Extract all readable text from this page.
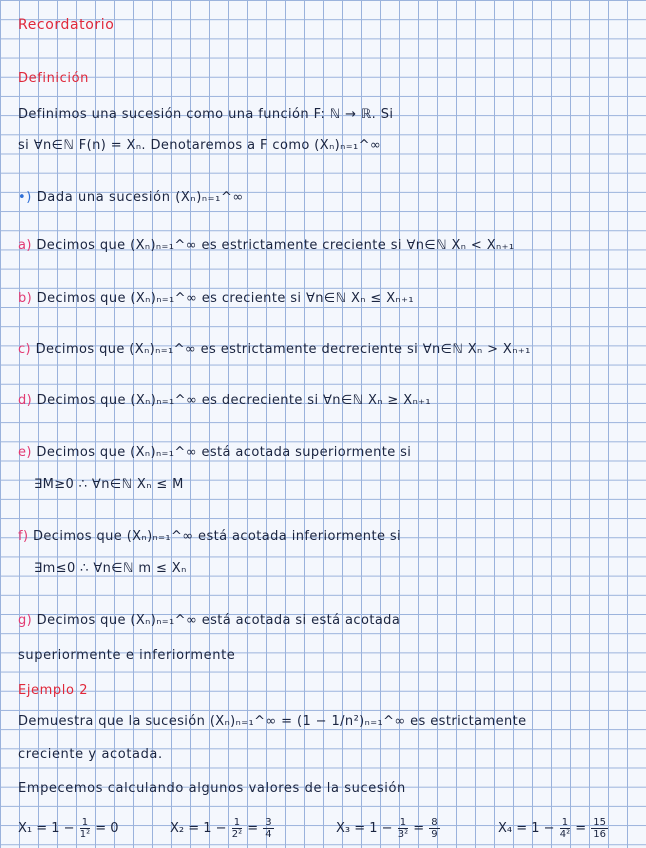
Recordatorio
Definición
Definimos una sucesión como una función F: ℕ → ℝ. Si
si ∀n∈ℕ F(n) = Xₙ. Denotaremos a F como (Xₙ)ₙ₌₁^∞
•) Dada una sucesión (Xₙ)ₙ₌₁^∞
a) Decimos que (Xₙ)ₙ₌₁^∞ es estrictamente creciente si ∀n∈ℕ Xₙ < Xₙ₊₁
b) Decimos que (Xₙ)ₙ₌₁^∞ es creciente si ∀n∈ℕ Xₙ ≤ Xₙ₊₁
c) Decimos que (Xₙ)ₙ₌₁^∞ es estrictamente decreciente si ∀n∈ℕ Xₙ > Xₙ₊₁
d) Decimos que (Xₙ)ₙ₌₁^∞ es decreciente si ∀n∈ℕ Xₙ ≥ Xₙ₊₁
e) Decimos que (Xₙ)ₙ₌₁^∞ está acotada superiormente si
∃M≥0 ∴ ∀n∈ℕ Xₙ ≤ M
f) Decimos que (Xₙ)ₙ₌₁^∞ está acotada inferiormente si
∃m≤0 ∴ ∀n∈ℕ m ≤ Xₙ
g) Decimos que (Xₙ)ₙ₌₁^∞ está acotada si está acotada
superiormente e inferiormente
Ejemplo 2
Demuestra que la sucesión (Xₙ)ₙ₌₁^∞ = (1 − 1/n²)ₙ₌₁^∞ es estrictamente
creciente y acotada.
Empecemos calculando algunos valores de la sucesión
$X_1 = 1 - \frac{1}{\text{1²}} = 0$	$X_2 = 1 - \frac{1}{\text{2²}} = \frac{3}{4}$	$X_3 = 1 - \frac{1}{\text{3²}} = \frac{8}{9}$	$X_4 = 1 - \frac{1}{\text{4²}} = \frac{15}{16}$
